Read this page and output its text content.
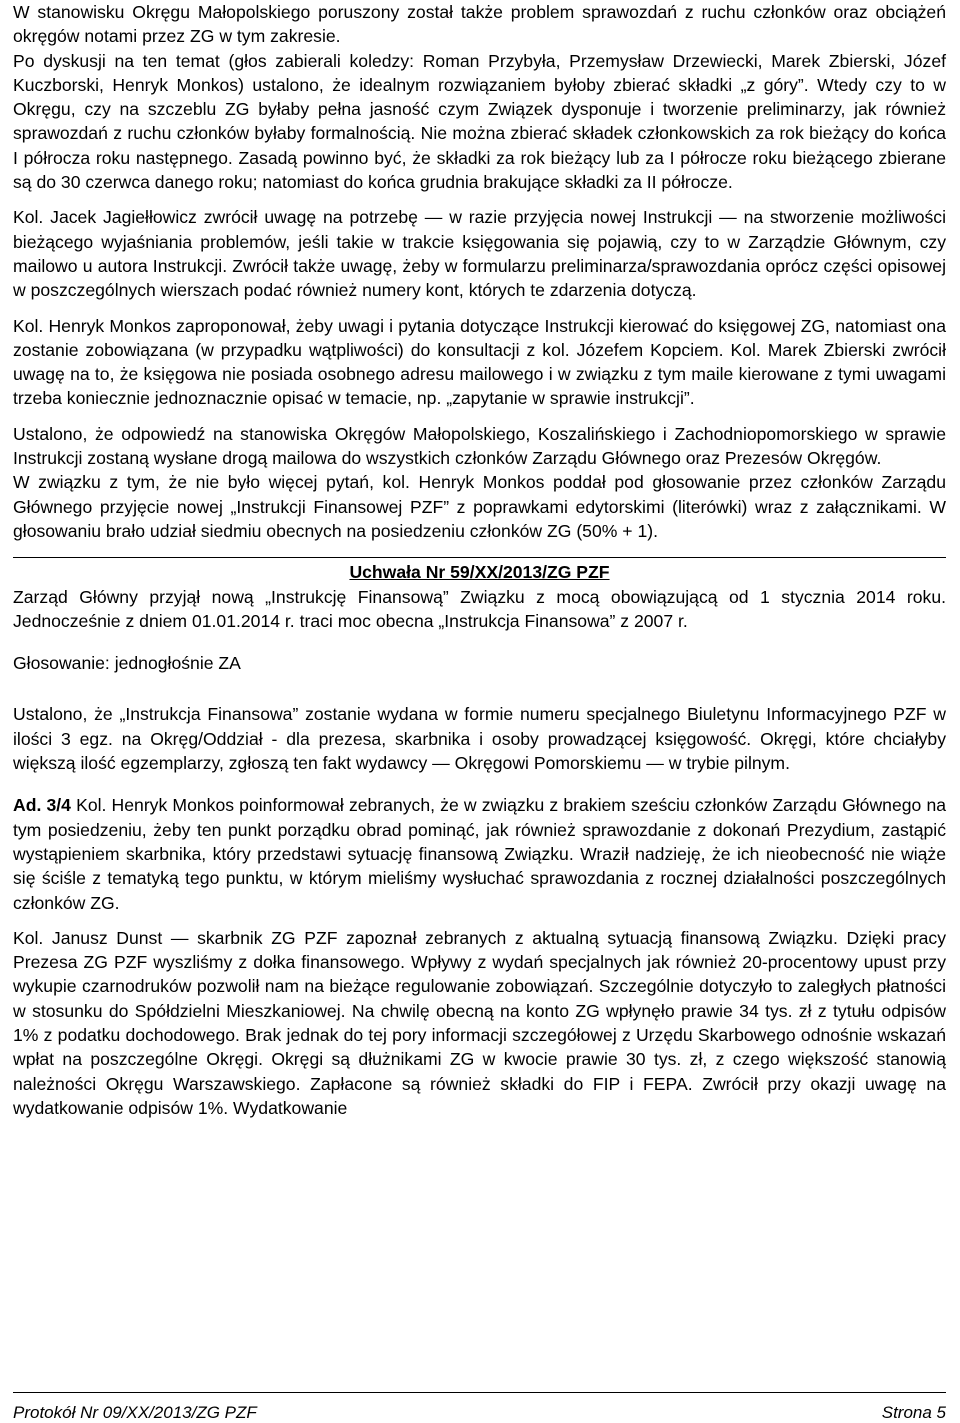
W stanowisku Okręgu Małopolskiego poruszony został także problem sprawozdań z ruchu członków oraz obciążeń okręgów notami przez ZG w tym zakresie.

Po dyskusji na ten temat (głos zabierali koledzy: Roman Przybyła, Przemysław Drzewiecki, Marek Zbierski, Józef Kuczborski, Henryk Monkos) ustalono, że idealnym rozwiązaniem byłoby zbierać składki „z góry”. Wtedy czy to w Okręgu, czy na szczeblu ZG byłaby pełna jasność czym Związek dysponuje i tworzenie preliminarzy, jak również sprawozdań z ruchu członków byłaby formalnością. Nie można zbierać składek członkowskich za rok bieżący do końca I półrocza roku następnego. Zasadą powinno być, że składki za rok bieżący lub za I półrocze roku bieżącego zbierane są do 30 czerwca danego roku; natomiast do końca grudnia brakujące składki za II półrocze.

Kol. Jacek Jagiełłowicz zwrócił uwagę na potrzebę — w razie przyjęcia nowej Instrukcji — na stworzenie możliwości bieżącego wyjaśniania problemów, jeśli takie w trakcie księgowania się pojawią, czy to w Zarządzie Głównym, czy mailowo u autora Instrukcji. Zwrócił także uwagę, żeby w formularzu preliminarza/sprawozdania oprócz części opisowej w poszczególnych wierszach podać również numery kont, których te zdarzenia dotyczą.

Kol. Henryk Monkos zaproponował, żeby uwagi i pytania dotyczące Instrukcji kierować do księgowej ZG, natomiast ona zostanie zobowiązana (w przypadku wątpliwości) do konsultacji z kol. Józefem Kopciem. Kol. Marek Zbierski zwrócił uwagę na to, że księgowa nie posiada osobnego adresu mailowego i w związku z tym maile kierowane z tymi uwagami trzeba koniecznie jednoznacznie opisać w temacie, np. „zapytanie w sprawie instrukcji”.

Ustalono, że odpowiedź na stanowiska Okręgów Małopolskiego, Koszalińskiego i Zachodniopomorskiego w sprawie Instrukcji zostaną wysłane drogą mailowa do wszystkich członków Zarządu Głównego oraz Prezesów Okręgów.

W związku z tym, że nie było więcej pytań, kol. Henryk Monkos poddał pod głosowanie przez członków Zarządu Głównego przyjęcie nowej „Instrukcji Finansowej PZF” z poprawkami edytorskimi (literówki) wraz z załącznikami. W głosowaniu brało udział siedmiu obecnych na posiedzeniu członków ZG (50% + 1).

Uchwała Nr 59/XX/2013/ZG PZF

Zarząd Główny przyjął nową „Instrukcję Finansową” Związku z mocą obowiązującą od 1 stycznia 2014 roku. Jednocześnie z dniem 01.01.2014 r. traci moc obecna „Instrukcja Finansowa” z 2007 r.

Głosowanie: jednogłośnie ZA

Ustalono, że „Instrukcja Finansowa” zostanie wydana w formie numeru specjalnego Biuletynu Informacyjnego PZF w ilości 3 egz. na Okręg/Oddział - dla prezesa, skarbnika i osoby prowadzącej księgowość. Okręgi, które chciałyby większą ilość egzemplarzy, zgłoszą ten fakt wydawcy — Okręgowi Pomorskiemu — w trybie pilnym.

Ad. 3/4 Kol. Henryk Monkos poinformował zebranych, że w związku z brakiem sześciu członków Zarządu Głównego na tym posiedzeniu, żeby ten punkt porządku obrad pominąć, jak również sprawozdanie z dokonań Prezydium, zastąpić wystąpieniem skarbnika, który przedstawi sytuację finansową Związku. Wraził nadzieję, że ich nieobecność nie wiąże się ściśle z tematyką tego punktu, w którym mieliśmy wysłuchać sprawozdania z rocznej działalności poszczególnych członków ZG.

Kol. Janusz Dunst — skarbnik ZG PZF zapoznał zebranych z aktualną sytuacją finansową Związku. Dzięki pracy Prezesa ZG PZF wyszliśmy z dołka finansowego. Wpływy z wydań specjalnych jak również 20-procentowy upust przy wykupie czarnodruków pozwolił nam na bieżące regulowanie zobowiązań. Szczególnie dotyczyło to zaległych płatności w stosunku do Spółdzielni Mieszkaniowej. Na chwilę obecną na konto ZG wpłynęło prawie 34 tys. zł z tytułu odpisów 1% z podatku dochodowego. Brak jednak do tej pory informacji szczegółowej z Urzędu Skarbowego odnośnie wskazań wpłat na poszczególne Okręgi. Okręgi są dłużnikami ZG w kwocie prawie 30 tys. zł, z czego większość stanowią należności Okręgu Warszawskiego. Zapłacone są również składki do FIP i FEPA. Zwrócił przy okazji uwagę na wydatkowanie odpisów 1%. Wydatkowanie

Protokół Nr 09/XX/2013/ZG PZF	Strona 5
